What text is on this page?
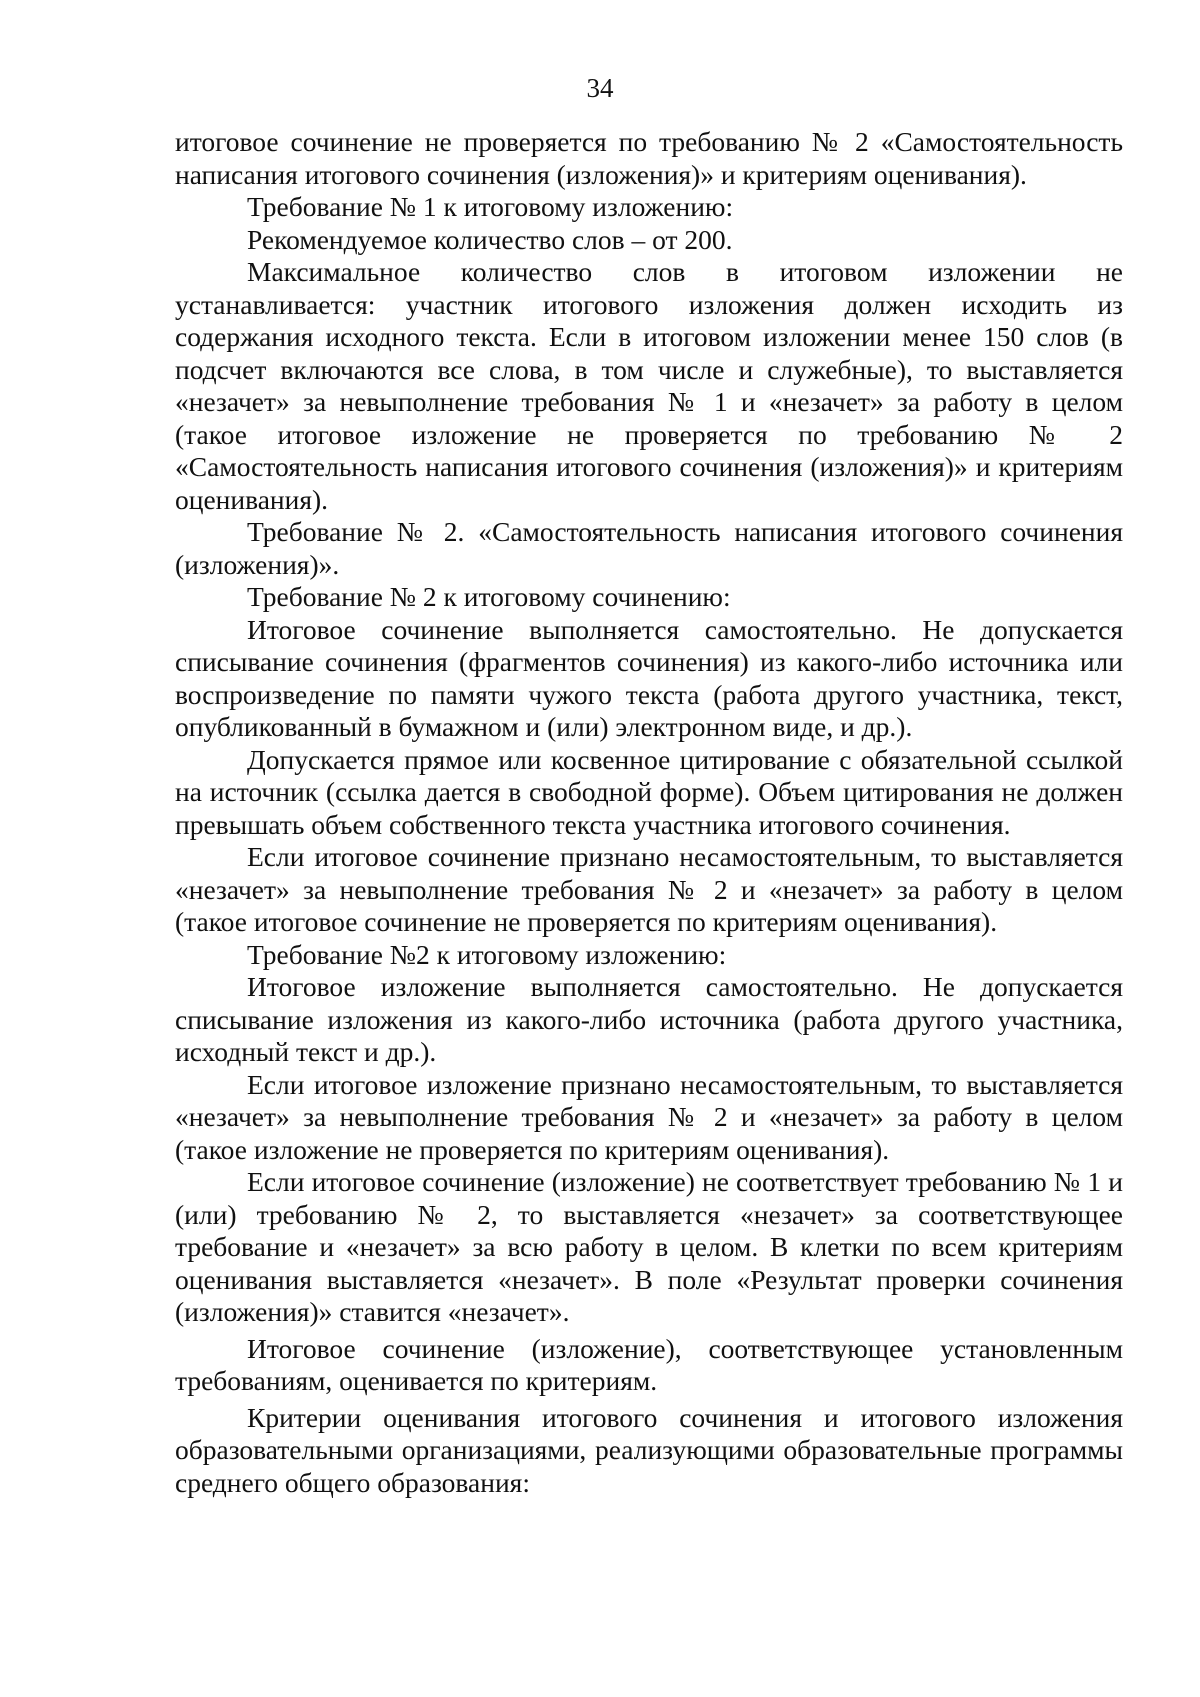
34

итоговое сочинение не проверяется по требованию № 2 «Самостоятельность написания итогового сочинения (изложения)» и критериям оценивания).

Требование № 1 к итоговому изложению:

Рекомендуемое количество слов – от 200.

Максимальное количество слов в итоговом изложении не устанавливается: участник итогового изложения должен исходить из содержания исходного текста. Если в итоговом изложении менее 150 слов (в подсчет включаются все слова, в том числе и служебные), то выставляется «незачет» за невыполнение требования № 1 и «незачет» за работу в целом (такое итоговое изложение не проверяется по требованию № 2 «Самостоятельность написания итогового сочинения (изложения)» и критериям оценивания).

Требование № 2. «Самостоятельность написания итогового сочинения (изложения)».

Требование № 2 к итоговому сочинению:

Итоговое сочинение выполняется самостоятельно. Не допускается списывание сочинения (фрагментов сочинения) из какого-либо источника или воспроизведение по памяти чужого текста (работа другого участника, текст, опубликованный в бумажном и (или) электронном виде, и др.).

Допускается прямое или косвенное цитирование с обязательной ссылкой на источник (ссылка дается в свободной форме). Объем цитирования не должен превышать объем собственного текста участника итогового сочинения.

Если итоговое сочинение признано несамостоятельным, то выставляется «незачет» за невыполнение требования № 2 и «незачет» за работу в целом (такое итоговое сочинение не проверяется по критериям оценивания).

Требование №2 к итоговому изложению:

Итоговое изложение выполняется самостоятельно. Не допускается списывание изложения из какого-либо источника (работа другого участника, исходный текст и др.).

Если итоговое изложение признано несамостоятельным, то выставляется «незачет» за невыполнение требования № 2 и «незачет» за работу в целом (такое изложение не проверяется по критериям оценивания).

Если итоговое сочинение (изложение) не соответствует требованию № 1 и (или) требованию № 2, то выставляется «незачет» за соответствующее требование и «незачет» за всю работу в целом. В клетки по всем критериям оценивания выставляется «незачет». В поле «Результат проверки сочинения (изложения)» ставится «незачет».

Итоговое сочинение (изложение), соответствующее установленным требованиям, оценивается по критериям.

Критерии оценивания итогового сочинения и итогового изложения образовательными организациями, реализующими образовательные программы среднего общего образования:
